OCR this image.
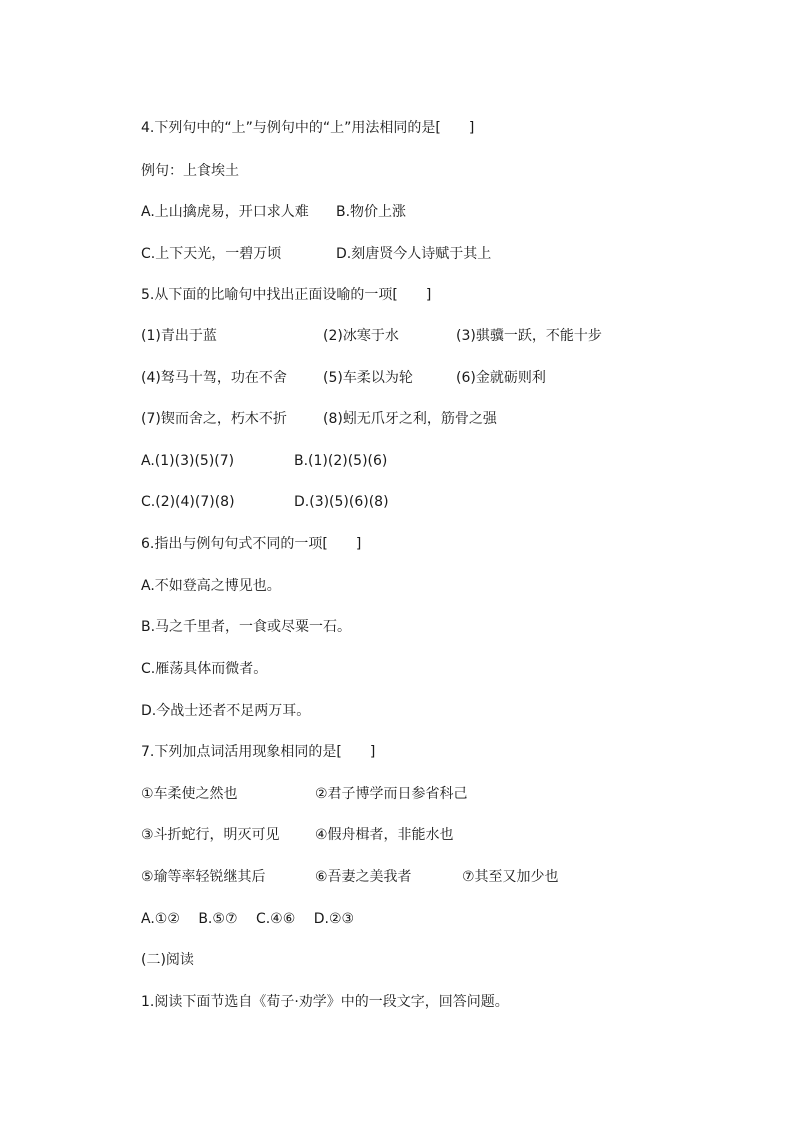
4.下列句中的“上”与例句中的“上”用法相同的是[　　]
例句：上食埃土
A.上山擒虎易，开口求人难 B.物价上涨
C.上下天光，一碧万顷	D.刻唐贤今人诗赋于其上
5.从下面的比喻句中找出正面设喻的一项[　　]
(1)青出于蓝	(2)冰寒于水	(3)骐骥一跃，不能十步
(4)驽马十驾，功在不舍	(5)车柔以为轮	(6)金就砺则利
(7)锲而舍之，朽木不折	(8)蚓无爪牙之利，筋骨之强
A.(1)(3)(5)(7)	B.(1)(2)(5)(6)
C.(2)(4)(7)(8)	D.(3)(5)(6)(8)
6.指出与例句句式不同的一项[　　]
A.不如登高之博见也。
B.马之千里者，一食或尽粟一石。
C.雁荡具体而微者。
D.今战士还者不足两万耳。
7.下列加点词活用现象相同的是[　　]
①车柔使之然也	②君子博学而日参省科己
③斗折蛇行，明灭可见	④假舟楫者，非能水也
⑤瑜等率轻锐继其后	⑥吾妻之美我者	⑦其至又加少也
A.①②　 B.⑤⑦　 C.④⑥　 D.②③
(二)阅读
1.阅读下面节选自《荀子·劝学》中的一段文字，回答问题。
